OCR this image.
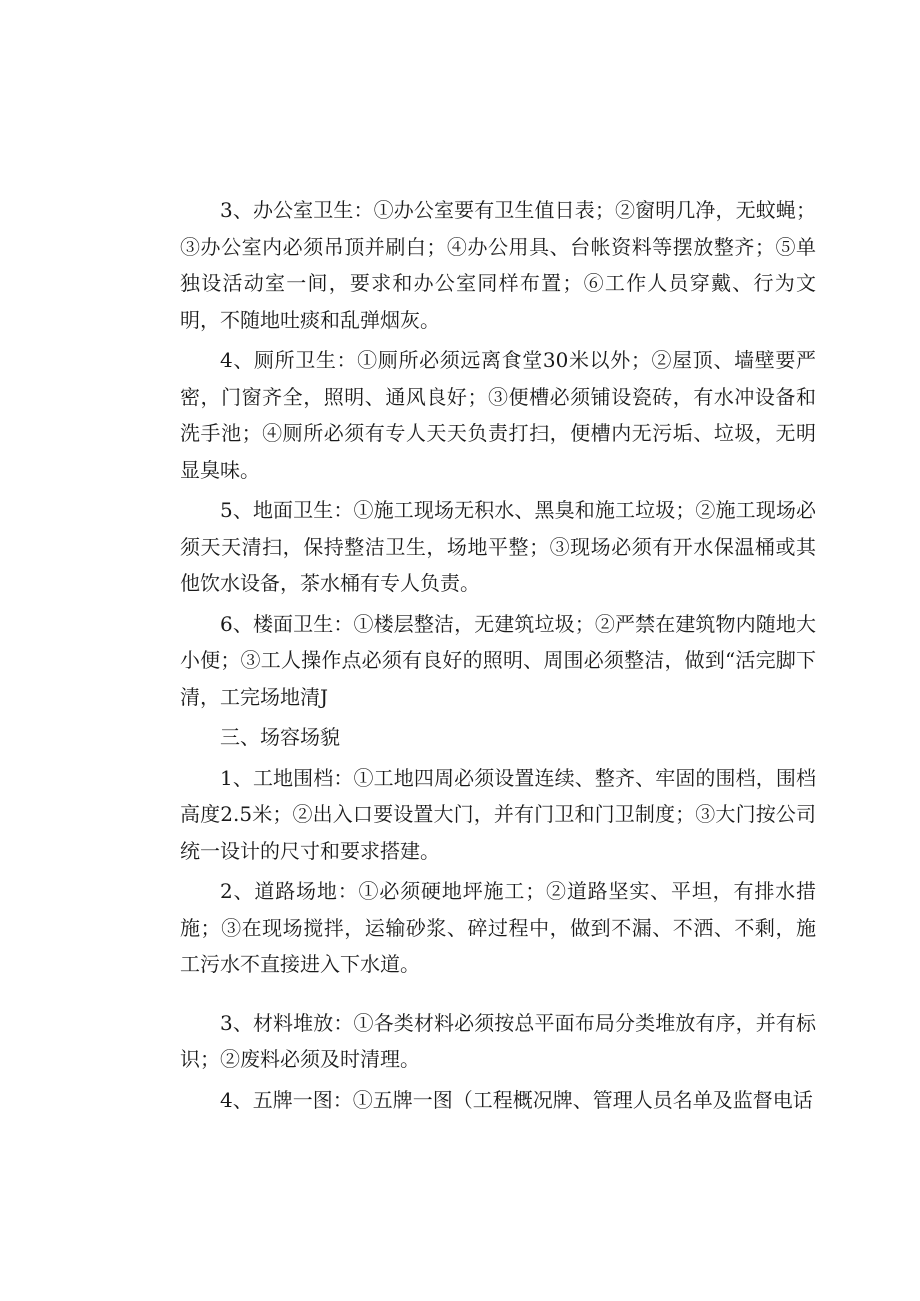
3、办公室卫生：①办公室要有卫生值日表；②窗明几净，无蚊蝇；③办公室内必须吊顶并刷白；④办公用具、台帐资料等摆放整齐；⑤单独设活动室一间，要求和办公室同样布置；⑥工作人员穿戴、行为文明，不随地吐痰和乱弹烟灰。

4、厕所卫生：①厕所必须远离食堂30米以外；②屋顶、墙壁要严密，门窗齐全，照明、通风良好；③便槽必须铺设瓷砖，有水冲设备和洗手池；④厕所必须有专人天天负责打扫，便槽内无污垢、垃圾，无明显臭味。

5、地面卫生：①施工现场无积水、黑臭和施工垃圾；②施工现场必须天天清扫，保持整洁卫生，场地平整；③现场必须有开水保温桶或其他饮水设备，茶水桶有专人负责。

6、楼面卫生：①楼层整洁，无建筑垃圾；②严禁在建筑物内随地大小便；③工人操作点必须有良好的照明、周围必须整洁，做到“活完脚下清，工完场地清J

三、场容场貌

1、工地围档：①工地四周必须设置连续、整齐、牢固的围档，围档高度2.5米；②出入口要设置大门，并有门卫和门卫制度；③大门按公司统一设计的尺寸和要求搭建。

2、道路场地：①必须硬地坪施工；②道路坚实、平坦，有排水措施；③在现场搅拌，运输砂浆、碎过程中，做到不漏、不洒、不剩，施工污水不直接进入下水道。

3、材料堆放：①各类材料必须按总平面布局分类堆放有序，并有标识；②废料必须及时清理。

4、五牌一图：①五牌一图（工程概况牌、管理人员名单及监督电话
